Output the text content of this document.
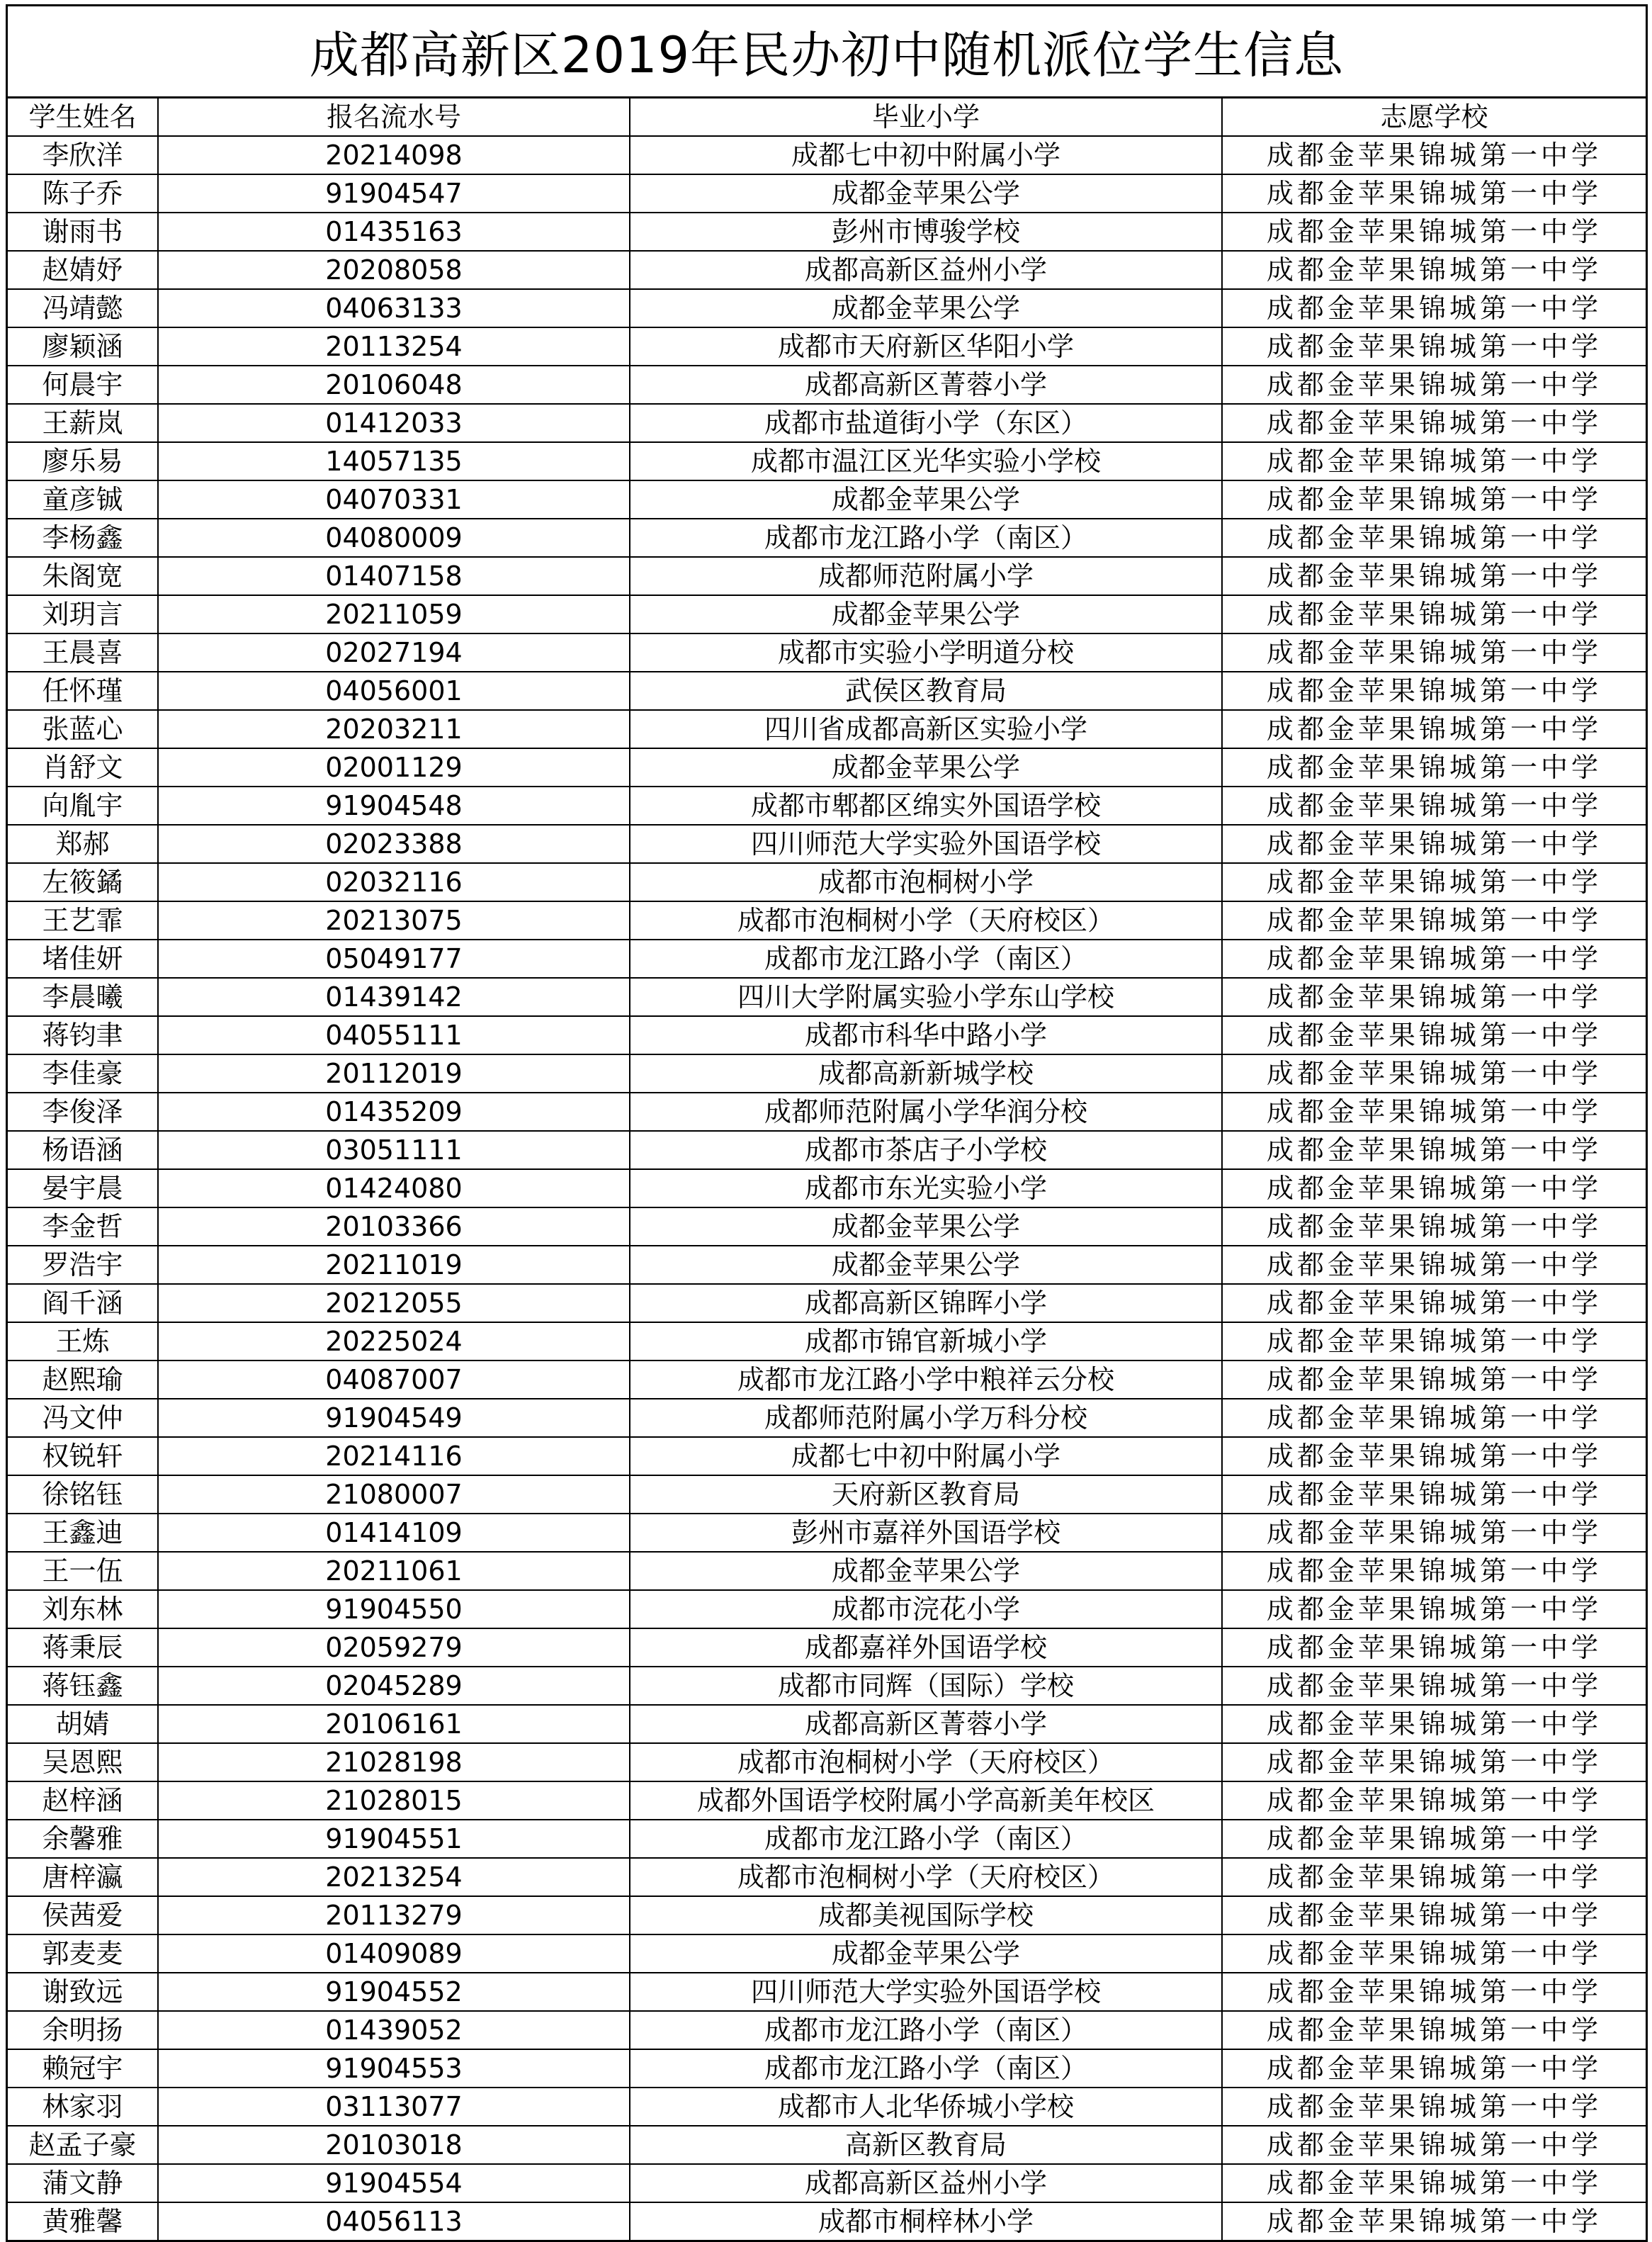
成都高新区2019年民办初中随机派位学生信息
学生姓名	报名流水号	毕业小学	志愿学校
李欣洋	20214098	成都七中初中附属小学	成都金苹果锦城第一中学
陈子乔	91904547	成都金苹果公学	成都金苹果锦城第一中学
谢雨书	01435163	彭州市博骏学校	成都金苹果锦城第一中学
赵婧妤	20208058	成都高新区益州小学	成都金苹果锦城第一中学
冯靖懿	04063133	成都金苹果公学	成都金苹果锦城第一中学
廖颖涵	20113254	成都市天府新区华阳小学	成都金苹果锦城第一中学
何晨宇	20106048	成都高新区菁蓉小学	成都金苹果锦城第一中学
王薪岚	01412033	成都市盐道街小学（东区）	成都金苹果锦城第一中学
廖乐易	14057135	成都市温江区光华实验小学校	成都金苹果锦城第一中学
童彦铖	04070331	成都金苹果公学	成都金苹果锦城第一中学
李杨鑫	04080009	成都市龙江路小学（南区）	成都金苹果锦城第一中学
朱阁宽	01407158	成都师范附属小学	成都金苹果锦城第一中学
刘玥言	20211059	成都金苹果公学	成都金苹果锦城第一中学
王晨喜	02027194	成都市实验小学明道分校	成都金苹果锦城第一中学
任怀瑾	04056001	武侯区教育局	成都金苹果锦城第一中学
张蓝心	20203211	四川省成都高新区实验小学	成都金苹果锦城第一中学
肖舒文	02001129	成都金苹果公学	成都金苹果锦城第一中学
向胤宇	91904548	成都市郫都区绵实外国语学校	成都金苹果锦城第一中学
郑郝	02023388	四川师范大学实验外国语学校	成都金苹果锦城第一中学
左筱鐍	02032116	成都市泡桐树小学	成都金苹果锦城第一中学
王艺霏	20213075	成都市泡桐树小学（天府校区）	成都金苹果锦城第一中学
堵佳妍	05049177	成都市龙江路小学（南区）	成都金苹果锦城第一中学
李晨曦	01439142	四川大学附属实验小学东山学校	成都金苹果锦城第一中学
蒋钧聿	04055111	成都市科华中路小学	成都金苹果锦城第一中学
李佳豪	20112019	成都高新新城学校	成都金苹果锦城第一中学
李俊泽	01435209	成都师范附属小学华润分校	成都金苹果锦城第一中学
杨语涵	03051111	成都市茶店子小学校	成都金苹果锦城第一中学
晏宇晨	01424080	成都市东光实验小学	成都金苹果锦城第一中学
李金哲	20103366	成都金苹果公学	成都金苹果锦城第一中学
罗浩宇	20211019	成都金苹果公学	成都金苹果锦城第一中学
阎千涵	20212055	成都高新区锦晖小学	成都金苹果锦城第一中学
王炼	20225024	成都市锦官新城小学	成都金苹果锦城第一中学
赵熙瑜	04087007	成都市龙江路小学中粮祥云分校	成都金苹果锦城第一中学
冯文仲	91904549	成都师范附属小学万科分校	成都金苹果锦城第一中学
权锐轩	20214116	成都七中初中附属小学	成都金苹果锦城第一中学
徐铭钰	21080007	天府新区教育局	成都金苹果锦城第一中学
王鑫迪	01414109	彭州市嘉祥外国语学校	成都金苹果锦城第一中学
王一伍	20211061	成都金苹果公学	成都金苹果锦城第一中学
刘东林	91904550	成都市浣花小学	成都金苹果锦城第一中学
蒋秉辰	02059279	成都嘉祥外国语学校	成都金苹果锦城第一中学
蒋钰鑫	02045289	成都市同辉（国际）学校	成都金苹果锦城第一中学
胡婧	20106161	成都高新区菁蓉小学	成都金苹果锦城第一中学
吴恩熙	21028198	成都市泡桐树小学（天府校区）	成都金苹果锦城第一中学
赵梓涵	21028015	成都外国语学校附属小学高新美年校区	成都金苹果锦城第一中学
余馨雅	91904551	成都市龙江路小学（南区）	成都金苹果锦城第一中学
唐梓瀛	20213254	成都市泡桐树小学（天府校区）	成都金苹果锦城第一中学
侯茜爱	20113279	成都美视国际学校	成都金苹果锦城第一中学
郭麦麦	01409089	成都金苹果公学	成都金苹果锦城第一中学
谢致远	91904552	四川师范大学实验外国语学校	成都金苹果锦城第一中学
余明扬	01439052	成都市龙江路小学（南区）	成都金苹果锦城第一中学
赖冠宇	91904553	成都市龙江路小学（南区）	成都金苹果锦城第一中学
林家羽	03113077	成都市人北华侨城小学校	成都金苹果锦城第一中学
赵孟子豪	20103018	高新区教育局	成都金苹果锦城第一中学
蒲文静	91904554	成都高新区益州小学	成都金苹果锦城第一中学
黄雅馨	04056113	成都市桐梓林小学	成都金苹果锦城第一中学
